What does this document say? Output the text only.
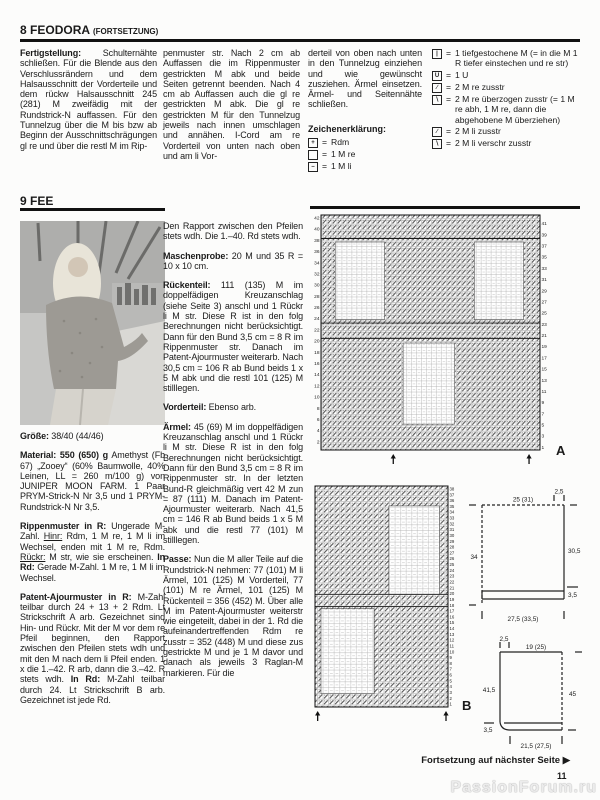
8 FEODORA (FORTSETZUNG)

Fertigstellung: Schulternähte schließen. Für die Blende aus den Verschlussrändern und dem Halsausschnitt der Vorderteile und dem rückw Halsausschnitt 245 (281) M zweifädig mit der Rundstrick-N auffassen. Für den Tunnelzug über die M bis bzw ab Beginn der Ausschnittschrägungen gl re und über die restl M im Rip-

penmuster str. Nach 2 cm ab Auffassen die im Rippenmuster gestrickten M abk und beide Seiten getrennt beenden. Nach 4 cm ab Auffassen auch die gl re gestrickten M abk. Die gl re gestrickten M für den Tunnelzug jeweils nach innen umschlagen und annähen. I-Cord am re Vorderteil von unten nach oben und am li Vor-

derteil von oben nach unten in den Tunnelzug einziehen und wie gewünscht zusziehen. Ärmel einsetzen. Ärmel- und Seitennähte schließen.

Zeichenerklärung:
+ = Rdm
= 1 M re
– = 1 M li
| = 1 tiefgestochene M (= in die M 1 R tiefer einstechen und re str)
U = 1 U
∕ = 2 M re zusstr
∖ = 2 M re überzogen zusstr (= 1 M re abh, 1 M re, dann die abgehobene M überziehen)
∕ = 2 M li zusstr
∖ = 2 M li verschr zusstr
9 FEE

Größe: 38/40 (44/46)

Material: 550 (650) g Amethyst (Fb 67) „Zooey“ (60% Baumwolle, 40% Leinen, LL = 260 m/100 g) von JUNIPER MOON FARM. 1 Paar PRYM-Strick-N Nr 3,5 und 1 PRYM-Rundstrick-N Nr 3,5.

Rippenmuster in R: Ungerade M-Zahl. Hinr: Rdm, 1 M re, 1 M li im Wechsel, enden mit 1 M re, Rdm. Rückr: M str, wie sie erscheinen. In Rd: Gerade M-Zahl. 1 M re, 1 M li im Wechsel.

Patent-Ajourmuster in R: M-Zahl teilbar durch 24 + 13 + 2 Rdm. Lt Strickschrift A arb. Gezeichnet sind Hin- und Rückr. Mit der M vor dem re Pfeil beginnen, den Rapport zwischen den Pfeilen stets wdh und mit den M nach dem li Pfeil enden. 1 x die 1.–42. R arb, dann die 3.–42. R stets wdh. In Rd: M-Zahl teilbar durch 24. Lt Strickschrift B arb. Gezeichnet ist jede Rd.

Den Rapport zwischen den Pfeilen stets wdh. Die 1.–40. Rd stets wdh.

Maschenprobe: 20 M und 35 R = 10 x 10 cm.

Rückenteil: 111 (135) M im doppelfädigen Kreuzanschlag (siehe Seite 3) anschl und 1 Rückr li M str. Diese R ist in den folg Berechnungen nicht berücksichtigt. Dann für den Bund 3,5 cm = 8 R im Rippenmuster str. Danach im Patent-Ajourmuster weiterarb. Nach 30,5 cm = 106 R ab Bund beids 1 x 5 M abk und die restl 101 (125) M stilllegen.

Vorderteil: Ebenso arb.

Ärmel: 45 (69) M im doppelfädigen Kreuzanschlag anschl und 1 Rückr li M str. Diese R ist in den folg Berechnungen nicht berücksichtigt. Dann für den Bund 3,5 cm = 8 R im Rippenmuster str. In der letzten Bund-R gleichmäßig vert 42 M zun = 87 (111) M. Danach im Patent-Ajourmuster weiterarb. Nach 41,5 cm = 146 R ab Bund beids 1 x 5 M abk und die restl 77 (101) M stilllegen.

Passe: Nun die M aller Teile auf die Rundstrick-N nehmen: 77 (101) M li Ärmel, 101 (125) M Vorderteil, 77 (101) M re Ärmel, 101 (125) M Rückenteil = 356 (452) M. Über alle M im Patent-Ajourmuster weiterstr wie eingeteilt, dabei in der 1. Rd die aufeinandertreffenden Rdm re zusstr = 352 (448) M und diese zus gestrickte M und je 1 M davor und danach als jeweils 3 Raglan-M markieren. Für die

41
39
37
35
33
31
29
27
25
23
21
19
17
15
13
11
9
7
5
3
1
42
40
38
36
34
32
30
28
26
24
22
20
18
16
14
12
10
8
6
4
2
A
38
37
36
35
34
33
32
31
30
29
28
27
26
25
24
23
22
21
20
19
18
17
16
15
14
13
12
11
10
9
8
7
6
5
4
3
2
1 B
2,5
25 (31)
34
30,5
3,5
27,5 (33,5)
2,5
19 (25)
41,5
45
3,5
21,5 (27,5)
Fortsetzung auf nächster Seite ▶
11
PassionForum.ru
